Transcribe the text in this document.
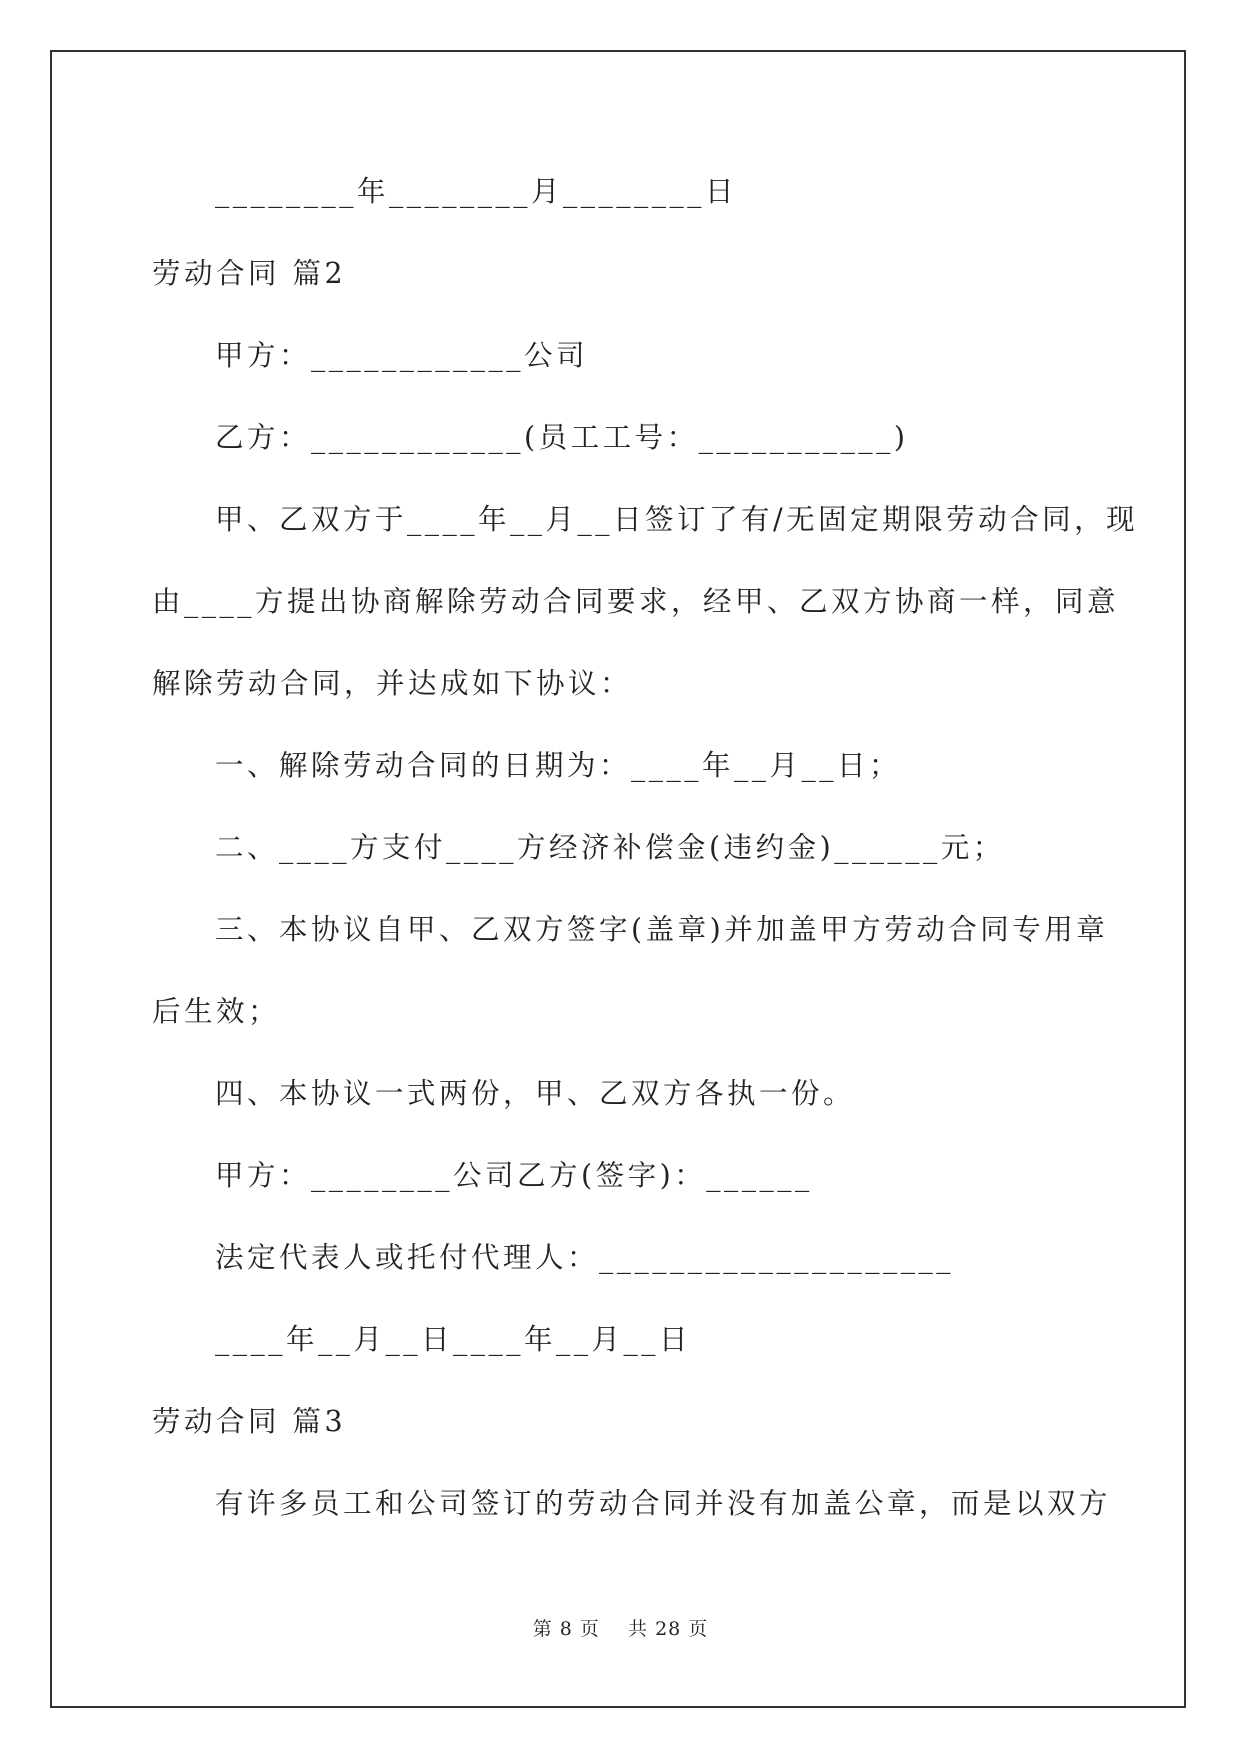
________年________月________日
劳动合同 篇2
甲方：____________公司
乙方：____________(员工工号：___________)
甲、乙双方于____年__月__日签订了有/无固定期限劳动合同，现
由____方提出协商解除劳动合同要求，经甲、乙双方协商一样，同意
解除劳动合同，并达成如下协议：
一、解除劳动合同的日期为：____年__月__日；
二、____方支付____方经济补偿金(违约金)______元；
三、本协议自甲、乙双方签字(盖章)并加盖甲方劳动合同专用章
后生效；
四、本协议一式两份，甲、乙双方各执一份。
甲方：________公司乙方(签字)：______
法定代表人或托付代理人：____________________
____年__月__日____年__月__日
劳动合同 篇3
有许多员工和公司签订的劳动合同并没有加盖公章，而是以双方
第 8 页    共 28 页
